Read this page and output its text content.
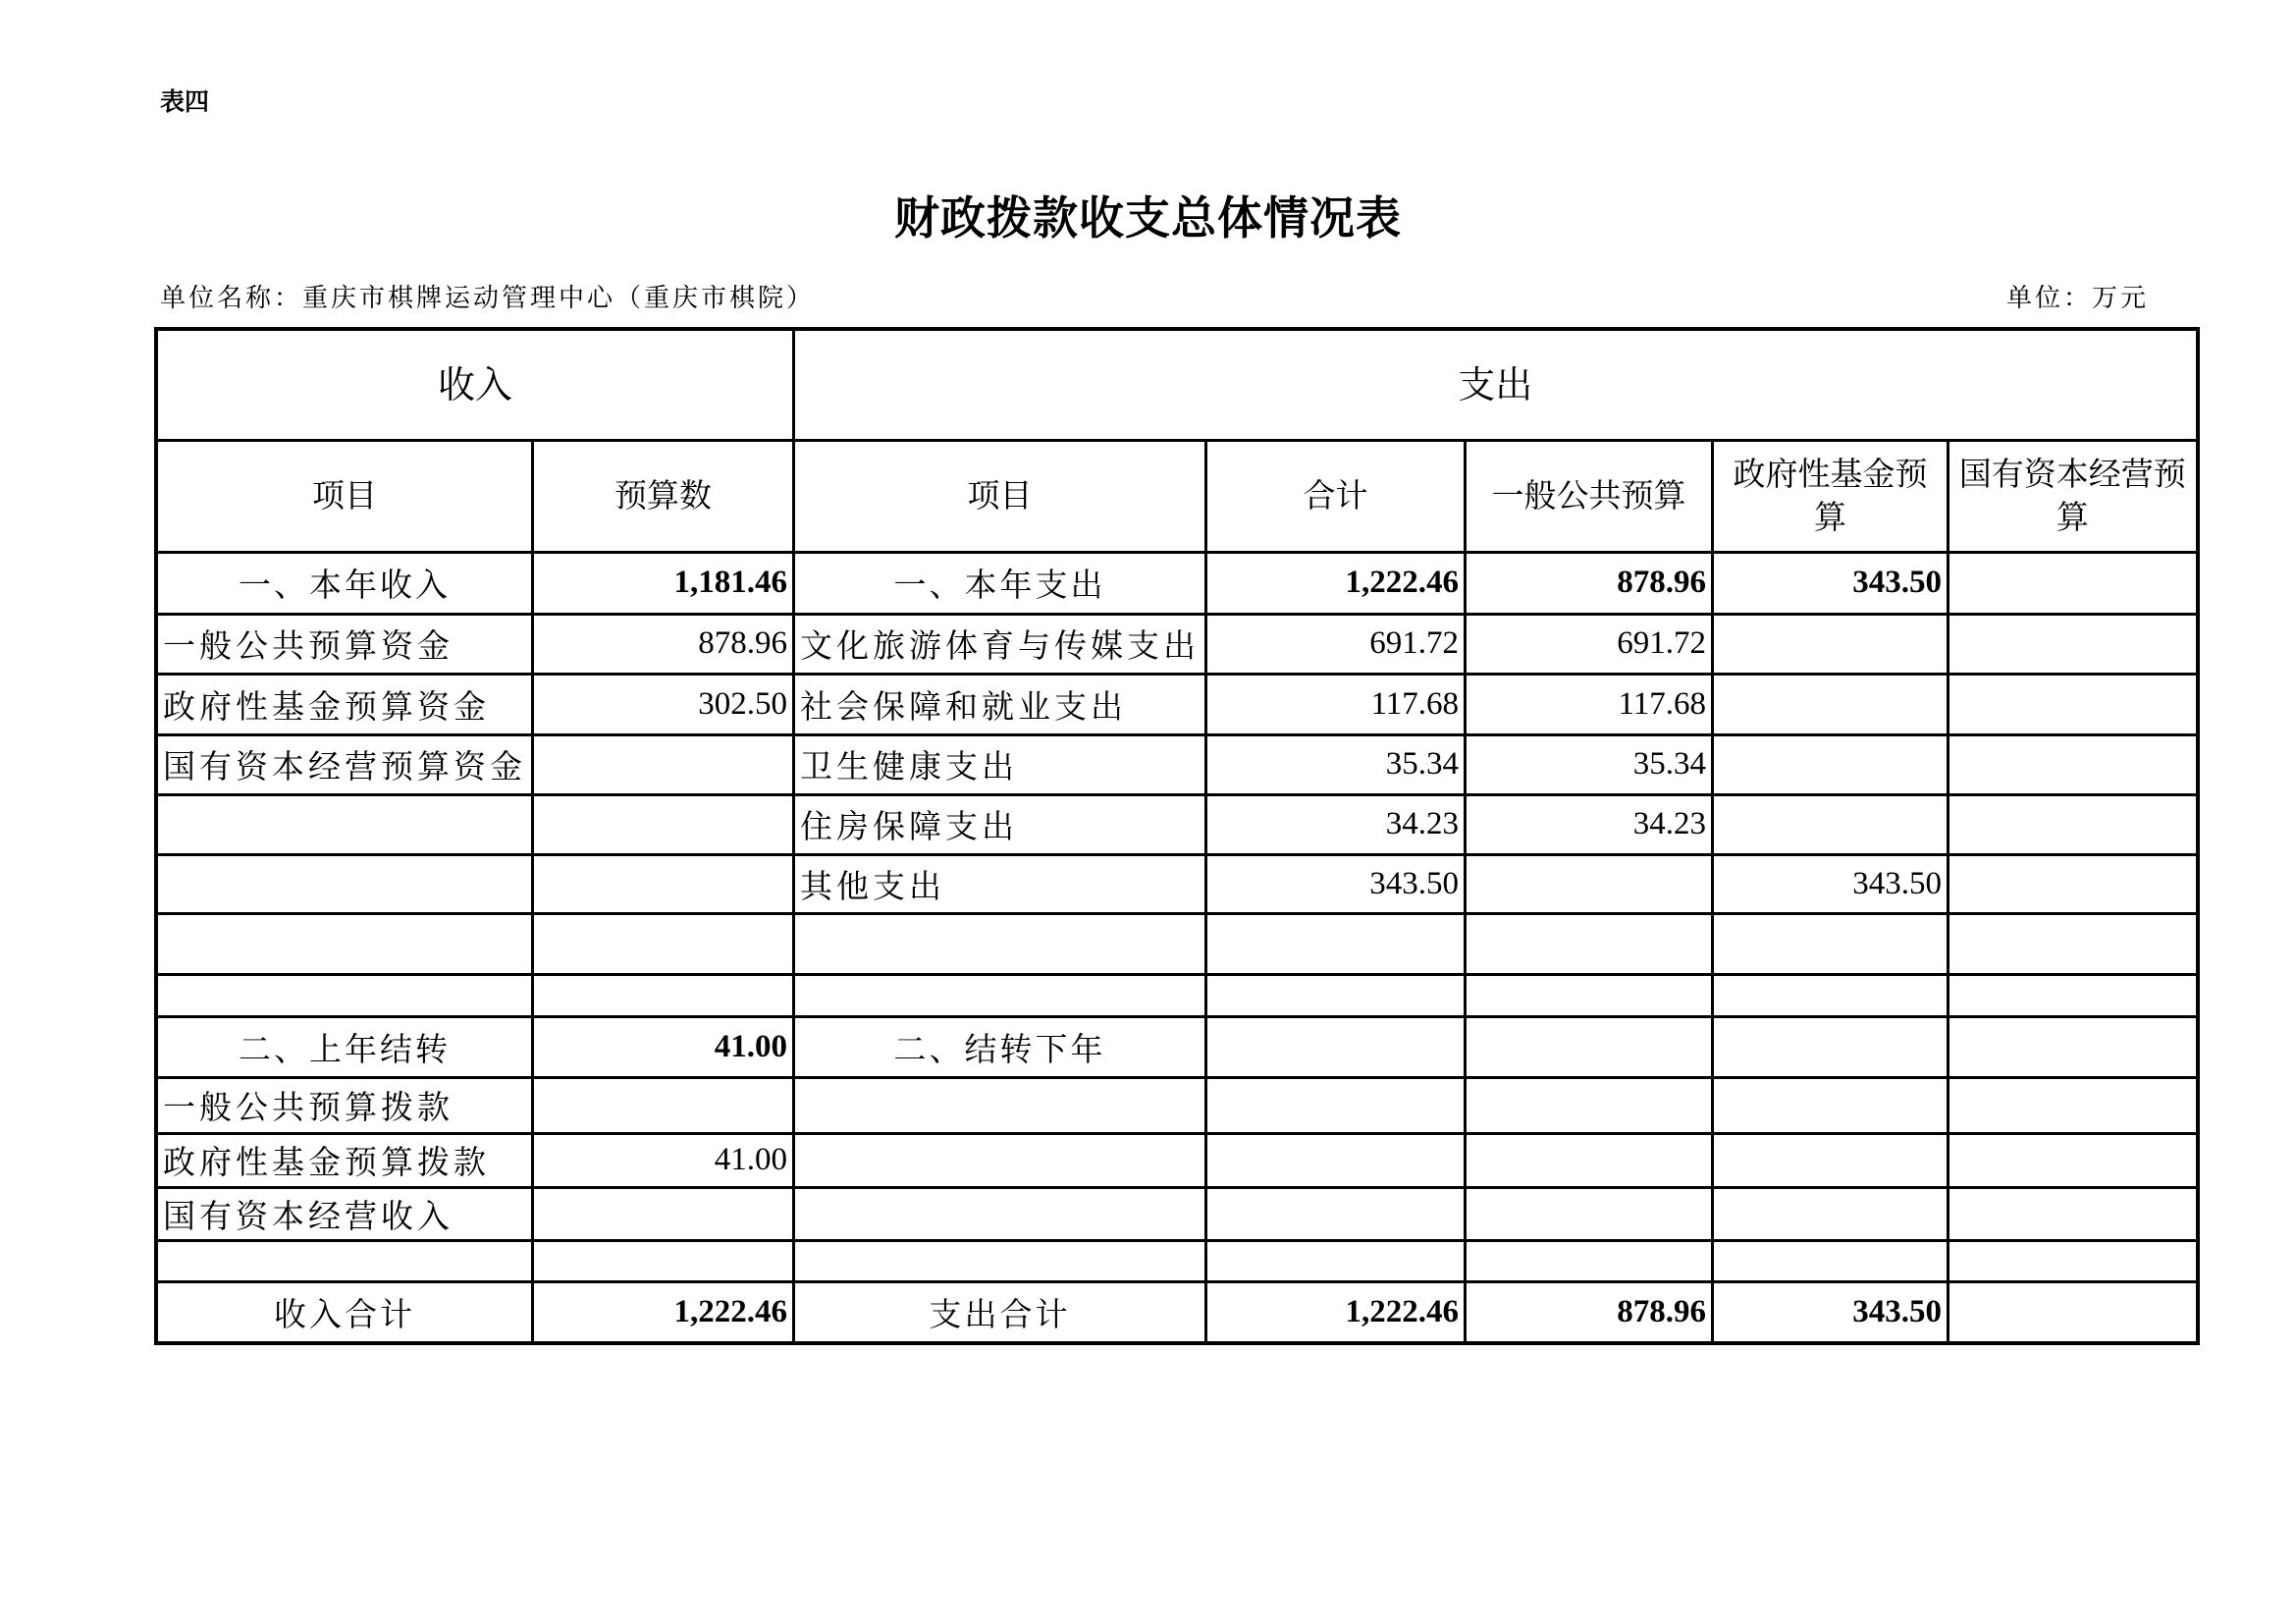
表四
财政拨款收支总体情况表
单位名称：重庆市棋牌运动管理中心（重庆市棋院）	单位：万元
收入		支出				
项目	预算数	项目	合计	一般公共预算	政府性基金预算	国有资本经营预算
一、本年收入	1,181.46	一、本年支出	1,222.46	878.96	343.50	
一般公共预算资金	878.96	文化旅游体育与传媒支出	691.72	691.72		
政府性基金预算资金	302.50	社会保障和就业支出	117.68	117.68		
国有资本经营预算资金		卫生健康支出	35.34	35.34		
		住房保障支出	34.23	34.23		
		其他支出	343.50		343.50	

二、上年结转	41.00	二、结转下年				
一般公共预算拨款						
政府性基金预算拨款	41.00					
国有资本经营收入						

收入合计	1,222.46	支出合计	1,222.46	878.96	343.50	
